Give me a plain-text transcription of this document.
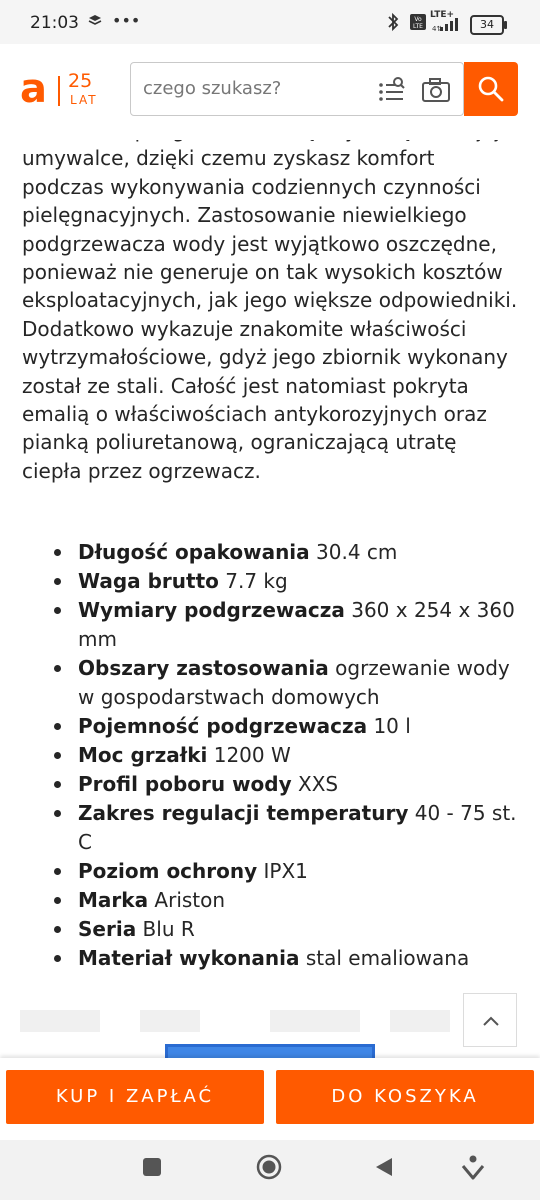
21:03 •••	Vo
LTE
LTE+
4⇅	34
a 25
LAT
czego szukasz?

umywalce, dzięki czemu zyskasz komfort podczas wykonywania codziennych czynności pielęgnacyjnych. Zastosowanie niewielkiego podgrzewacza wody jest wyjątkowo oszczędne, ponieważ nie generuje on tak wysokich kosztów eksploatacyjnych, jak jego większe odpowiedniki. Dodatkowo wykazuje znakomite właściwości wytrzymałościowe, gdyż jego zbiornik wykonany został ze stali. Całość jest natomiast pokryta emalią o właściwościach antykorozyjnych oraz pianką poliuretanową, ograniczającą utratę ciepła przez ogrzewacz.

Długość opakowania 30.4 cm
Waga brutto 7.7 kg
Wymiary podgrzewacza 360 x 254 x 360 mm
Obszary zastosowania ogrzewanie wody w gospodarstwach domowych
Pojemność podgrzewacza 10 l
Moc grzałki 1200 W
Profil poboru wody XXS
Zakres regulacji temperatury 40 - 75 st. C
Poziom ochrony IPX1
Marka Ariston
Seria Blu R
Materiał wykonania stal emaliowana
KUP I ZAPŁAĆ	DO KOSZYKA
